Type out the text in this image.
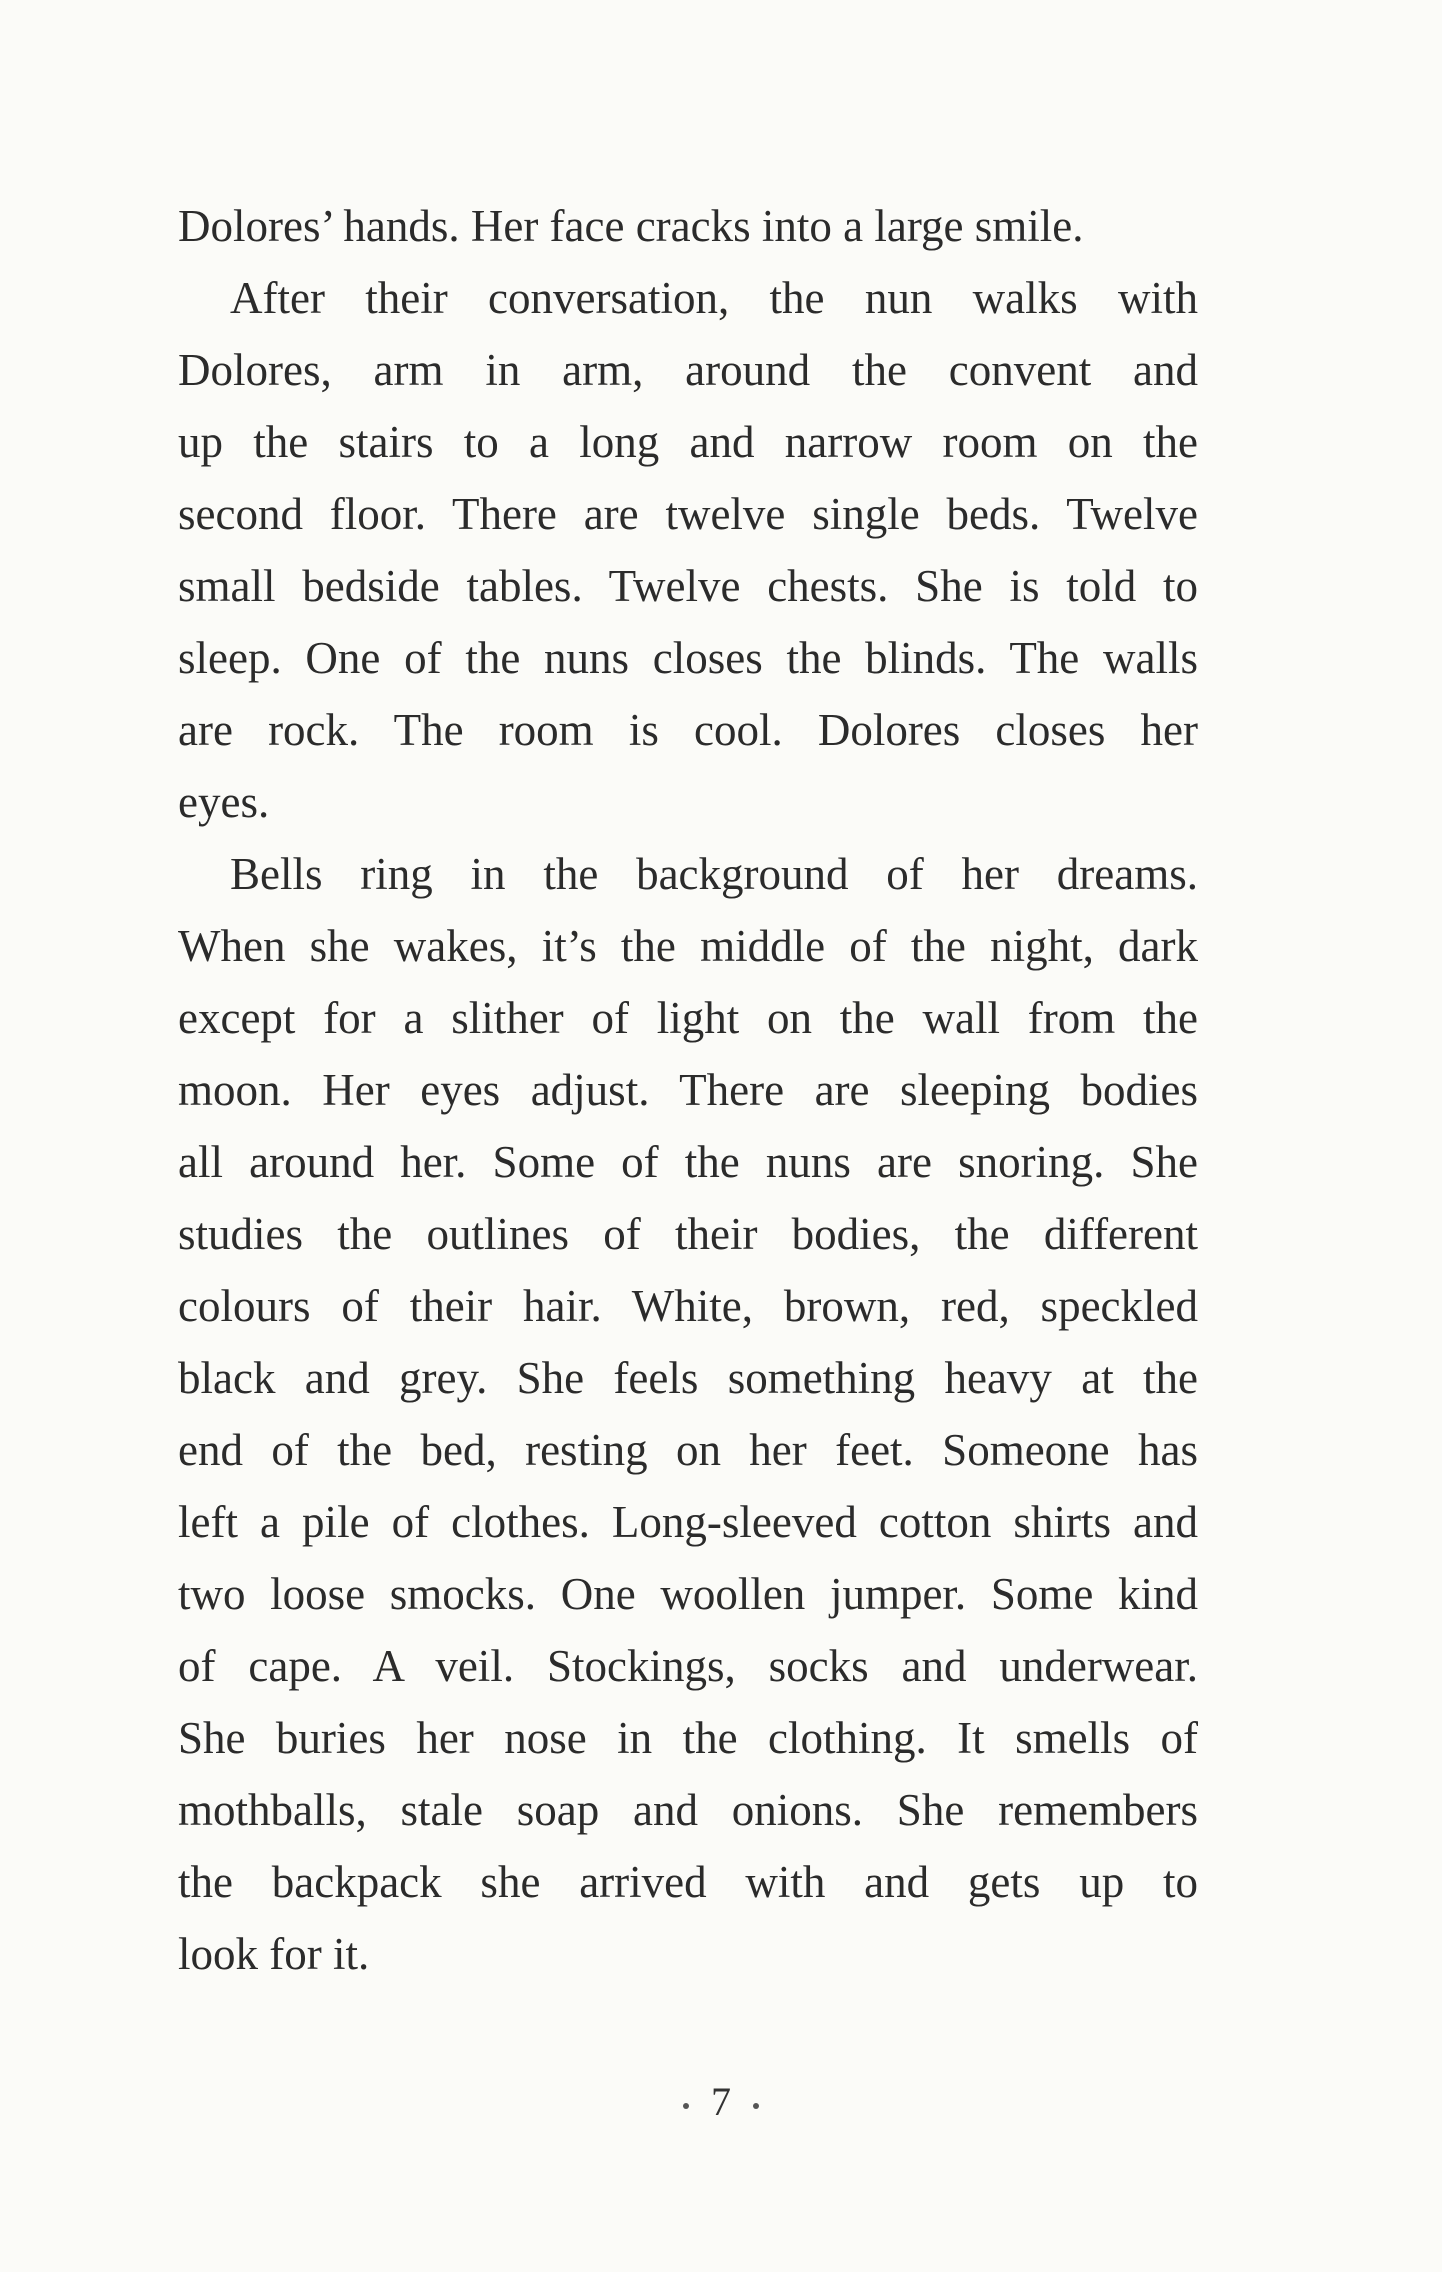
Dolores’ hands. Her face cracks into a large smile.
After their conversation, the nun walks with
Dolores, arm in arm, around the convent and
up the stairs to a long and narrow room on the
second floor. There are twelve single beds. Twelve
small bedside tables. Twelve chests. She is told to
sleep. One of the nuns closes the blinds. The walls
are rock. The room is cool. Dolores closes her
eyes.
Bells ring in the background of her dreams.
When she wakes, it’s the middle of the night, dark
except for a slither of light on the wall from the
moon. Her eyes adjust. There are sleeping bodies
all around her. Some of the nuns are snoring. She
studies the outlines of their bodies, the different
colours of their hair. White, brown, red, speckled
black and grey. She feels something heavy at the
end of the bed, resting on her feet. Someone has
left a pile of clothes. Long-sleeved cotton shirts and
two loose smocks. One woollen jumper. Some kind
of cape. A veil. Stockings, socks and underwear.
She buries her nose in the clothing. It smells of
mothballs, stale soap and onions. She remembers
the backpack she arrived with and gets up to
look for it.
7
